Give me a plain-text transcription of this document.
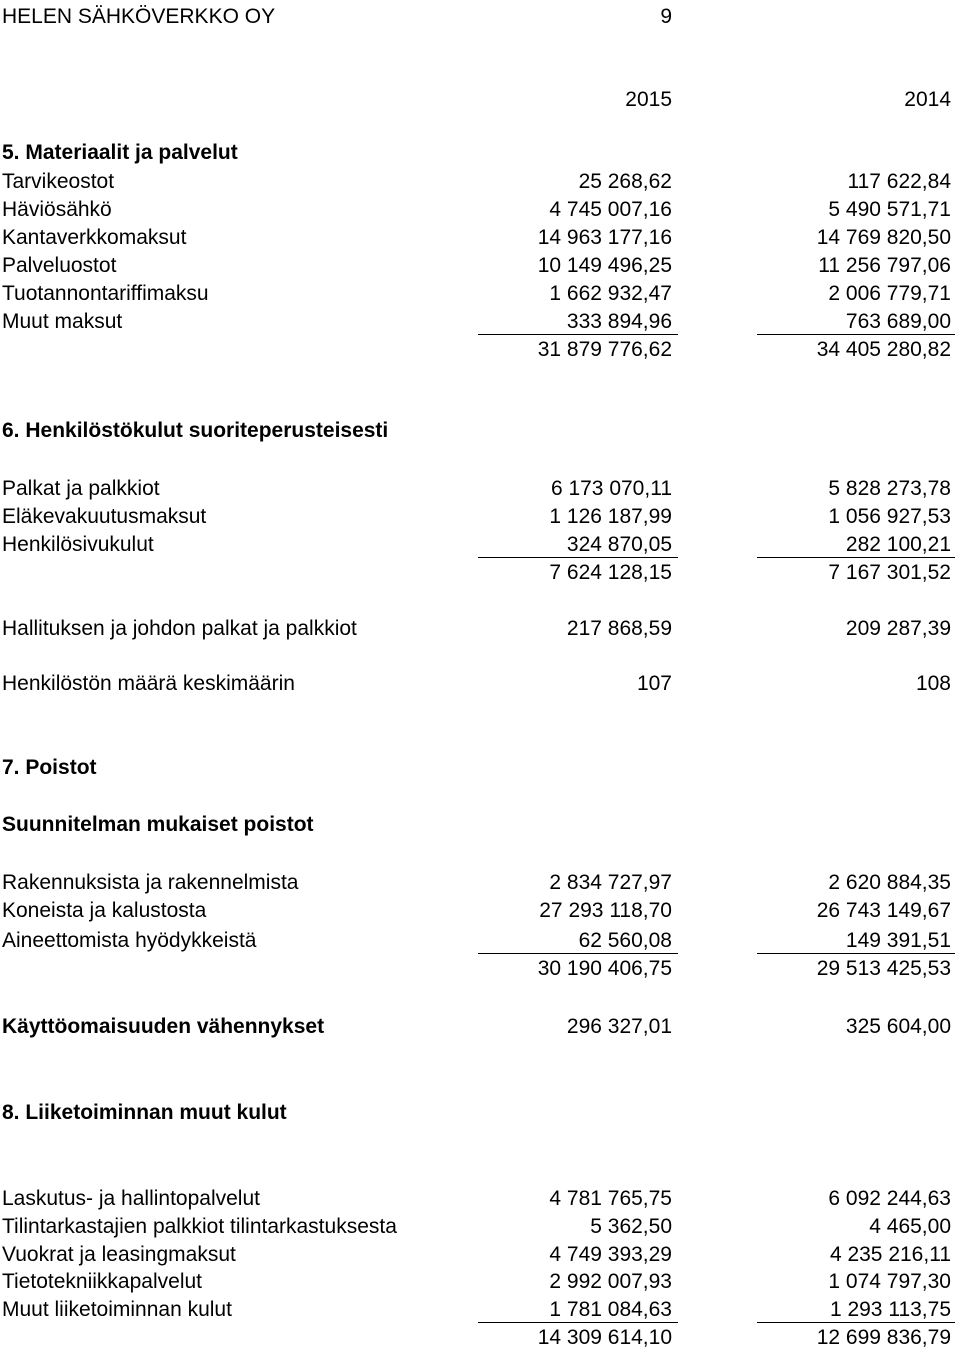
HELEN SÄHKÖVERKKO OY	9
2015	2014
5. Materiaalit ja palvelut
Tarvikeostot	25 268,62	117 622,84
Häviösähkö	4 745 007,16	5 490 571,71
Kantaverkkomaksut	14 963 177,16	14 769 820,50
Palveluostot	10 149 496,25	11 256 797,06
Tuotannontariffimaksu	1 662 932,47	2 006 779,71
Muut maksut	333 894,96	763 689,00
31 879 776,62	34 405 280,82
6. Henkilöstökulut suoriteperusteisesti
Palkat ja palkkiot	6 173 070,11	5 828 273,78
Eläkevakuutusmaksut	1 126 187,99	1 056 927,53
Henkilösivukulut	324 870,05	282 100,21
7 624 128,15	7 167 301,52
Hallituksen ja johdon palkat ja palkkiot	217 868,59	209 287,39
Henkilöstön määrä keskimäärin	107	108
7. Poistot
Suunnitelman mukaiset poistot
Rakennuksista ja rakennelmista	2 834 727,97	2 620 884,35
Koneista ja kalustosta	27 293 118,70	26 743 149,67
Aineettomista hyödykkeistä	62 560,08	149 391,51
30 190 406,75	29 513 425,53
Käyttöomaisuuden vähennykset	296 327,01	325 604,00
8. Liiketoiminnan muut kulut
Laskutus- ja hallintopalvelut	4 781 765,75	6 092 244,63
Tilintarkastajien palkkiot tilintarkastuksesta	5 362,50	4 465,00
Vuokrat ja leasingmaksut	4 749 393,29	4 235 216,11
Tietotekniikkapalvelut	2 992 007,93	1 074 797,30
Muut liiketoiminnan kulut	1 781 084,63	1 293 113,75
14 309 614,10	12 699 836,79
